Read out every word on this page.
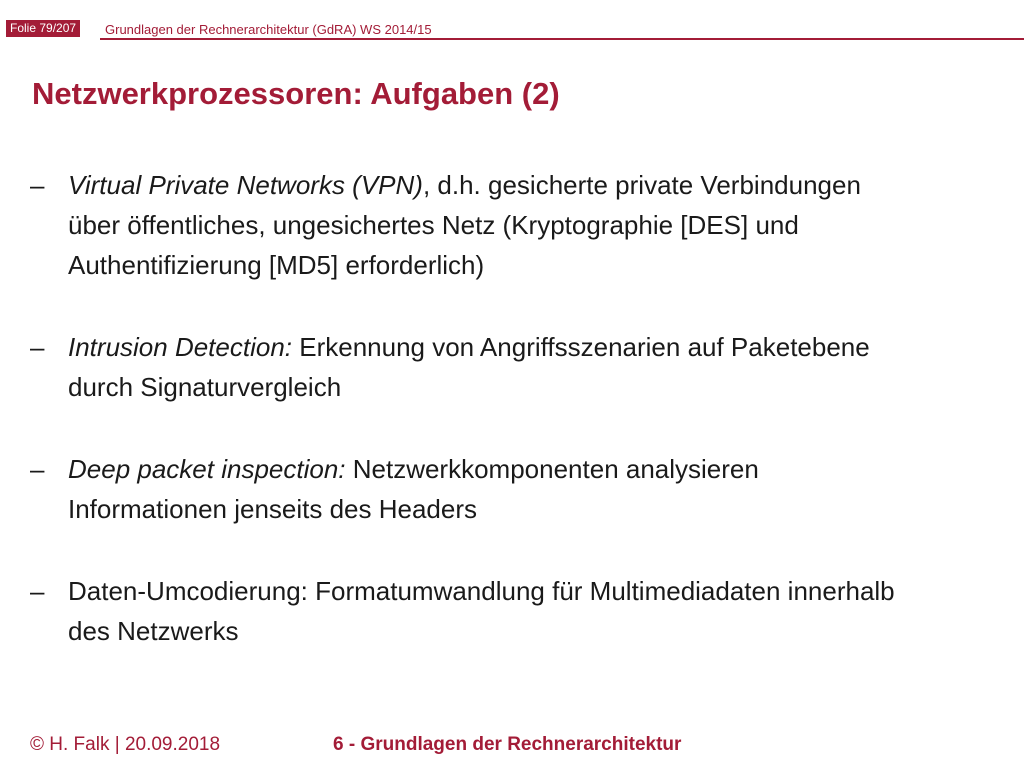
Folie 79/207	Grundlagen der Rechnerarchitektur (GdRA) WS 2014/15
Netzwerkprozessoren: Aufgaben (2)
– Virtual Private Networks (VPN), d.h. gesicherte private Verbindungen
über öffentliches, ungesichertes Netz (Kryptographie [DES] und
Authentifizierung [MD5] erforderlich)
– Intrusion Detection: Erkennung von Angriffsszenarien auf Paketebene
durch Signaturvergleich
– Deep packet inspection: Netzwerkkomponenten analysieren
Informationen jenseits des Headers
– Daten-Umcodierung: Formatumwandlung für Multimediadaten innerhalb
des Netzwerks
© H. Falk | 20.09.2018	6 - Grundlagen der Rechnerarchitektur
